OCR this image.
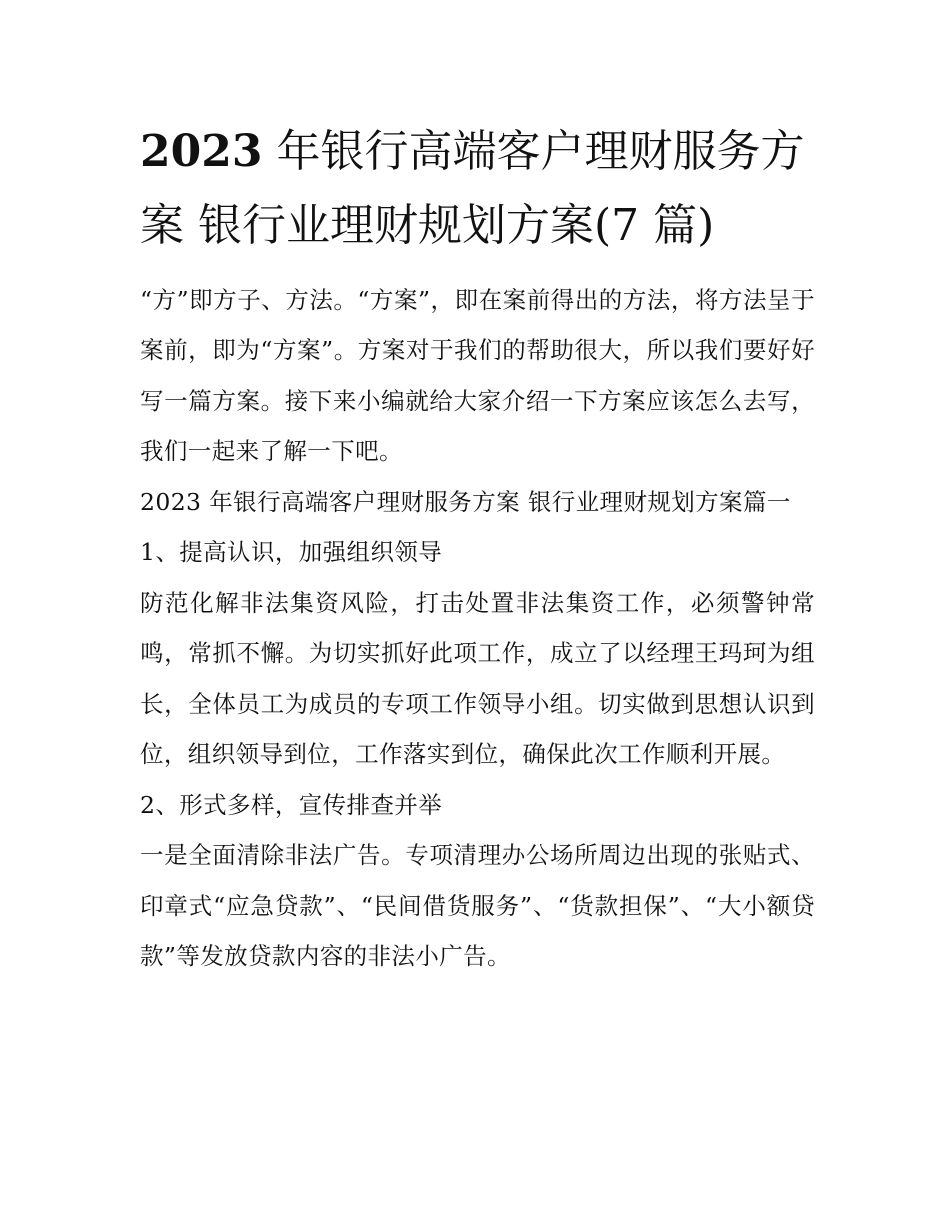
2023 年银行高端客户理财服务方案 银行业理财规划方案(7 篇)

“方”即方子、方法。“方案”，即在案前得出的方法，将方法呈于案前，即为“方案”。方案对于我们的帮助很大，所以我们要好好写一篇方案。接下来小编就给大家介绍一下方案应该怎么去写，我们一起来了解一下吧。

2023 年银行高端客户理财服务方案 银行业理财规划方案篇一

1、提高认识，加强组织领导

防范化解非法集资风险，打击处置非法集资工作，必须警钟常鸣，常抓不懈。为切实抓好此项工作，成立了以经理王玛珂为组长，全体员工为成员的专项工作领导小组。切实做到思想认识到位，组织领导到位，工作落实到位，确保此次工作顺利开展。

2、形式多样，宣传排查并举

一是全面清除非法广告。专项清理办公场所周边出现的张贴式、印章式“应急贷款”、“民间借货服务”、“货款担保”、“大小额贷款”等发放贷款内容的非法小广告。
